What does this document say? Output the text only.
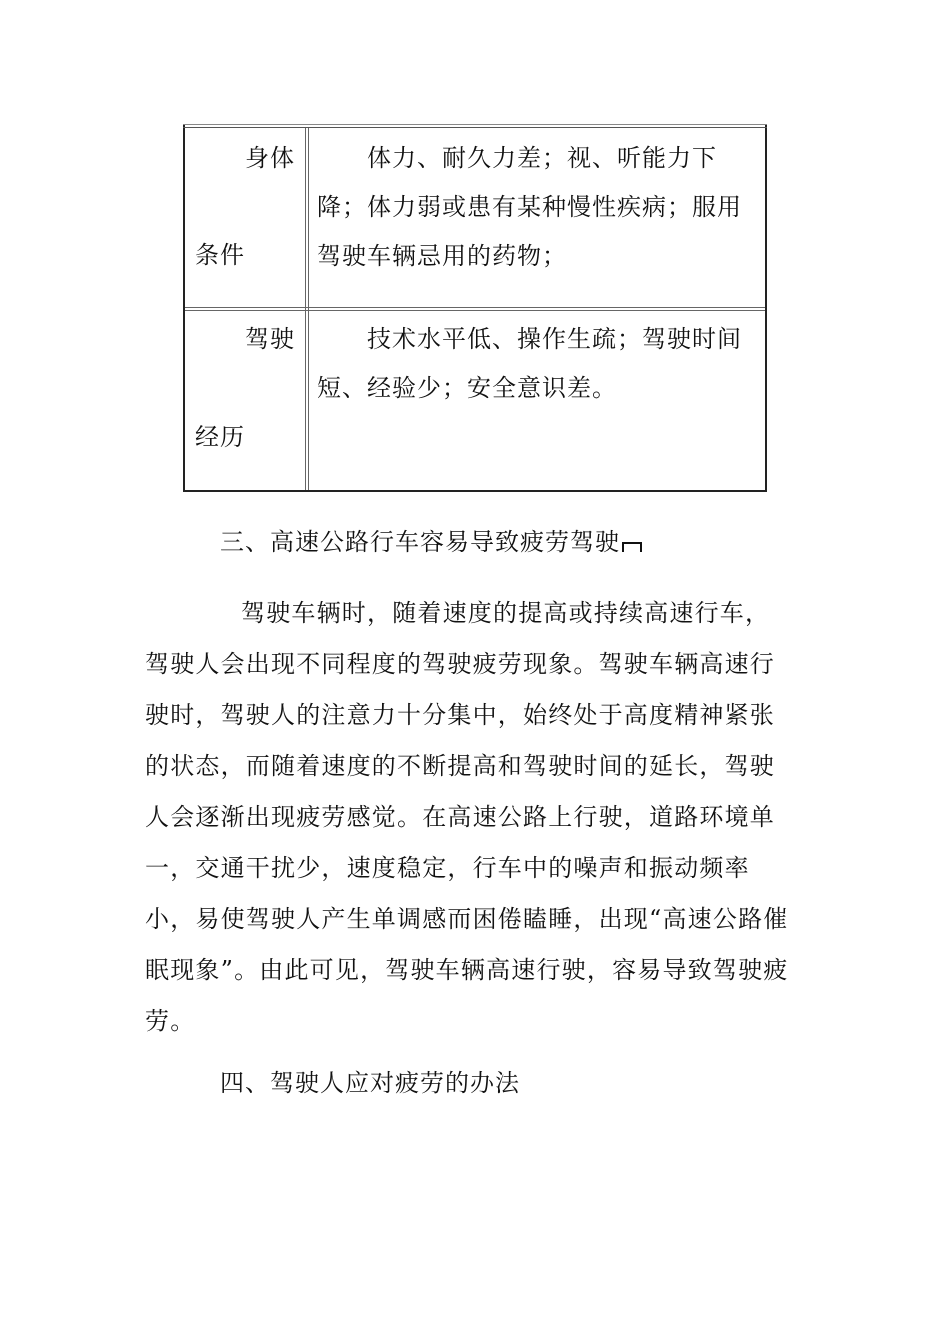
身体
条件
体力、耐久力差；视、听能力下降；体力弱或患有某种慢性疾病；服用驾驶车辆忌用的药物；
驾驶
经历
技术水平低、操作生疏；驾驶时间短、经验少；安全意识差。
三、高速公路行车容易导致疲劳驾驶
驾驶车辆时，随着速度的提高或持续高速行车，驾驶人会出现不同程度的驾驶疲劳现象。驾驶车辆高速行驶时，驾驶人的注意力十分集中，始终处于高度精神紧张的状态，而随着速度的不断提高和驾驶时间的延长，驾驶人会逐渐出现疲劳感觉。在高速公路上行驶，道路环境单一，交通干扰少，速度稳定，行车中的噪声和振动频率小，易使驾驶人产生单调感而困倦瞌睡，出现“高速公路催眠现象”。由此可见，驾驶车辆高速行驶，容易导致驾驶疲劳。
四、驾驶人应对疲劳的办法
